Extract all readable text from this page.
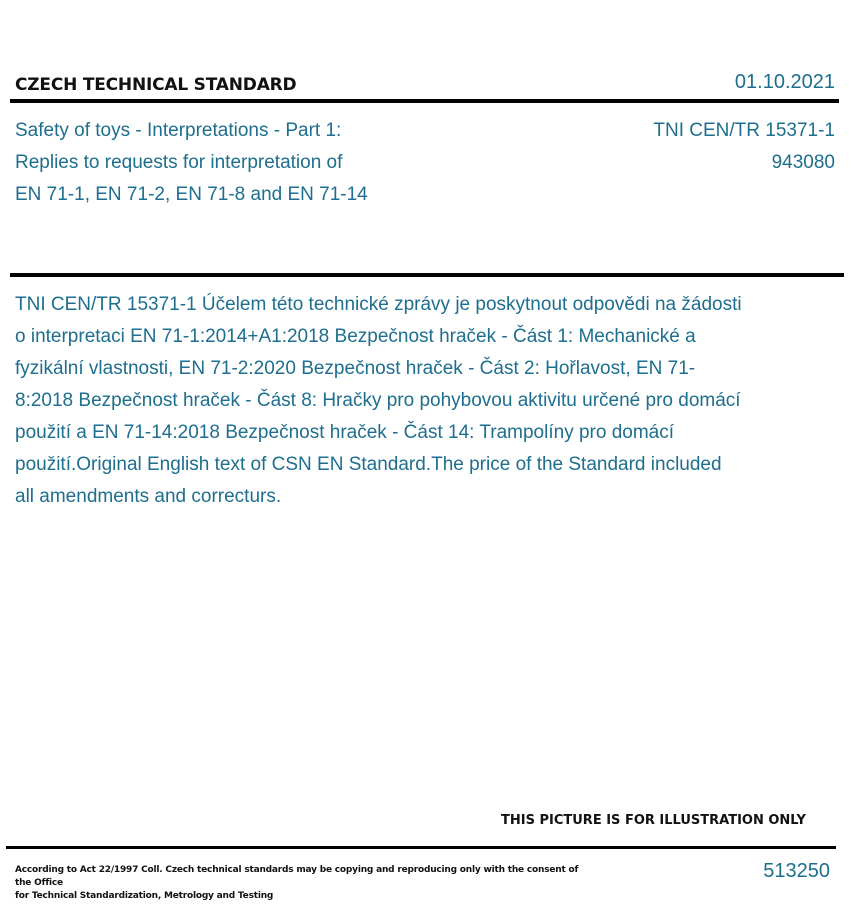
CZECH TECHNICAL STANDARD	01.10.2021
Safety of toys - Interpretations - Part 1:
Replies to requests for interpretation of
EN 71-1, EN 71-2, EN 71-8 and EN 71-14
TNI CEN/TR 15371-1
943080
TNI CEN/TR 15371-1 Účelem této technické zprávy je poskytnout odpovědi na žádosti o interpretaci EN 71-1:2014+A1:2018 Bezpečnost hraček - Část 1: Mechanické a fyzikální vlastnosti, EN 71-2:2020 Bezpečnost hraček - Část 2: Hořlavost, EN 71-8:2018 Bezpečnost hraček - Část 8: Hračky pro pohybovou aktivitu určené pro domácí použití a EN 71-14:2018 Bezpečnost hraček - Část 14: Trampolíny pro domácí použití.Original English text of CSN EN Standard.The price of the Standard included all amendments and correcturs.
THIS PICTURE IS FOR ILLUSTRATION ONLY
According to Act 22/1997 Coll. Czech technical standards may be copying and reproducing only with the consent of the Office
for Technical Standardization, Metrology and Testing
513250
